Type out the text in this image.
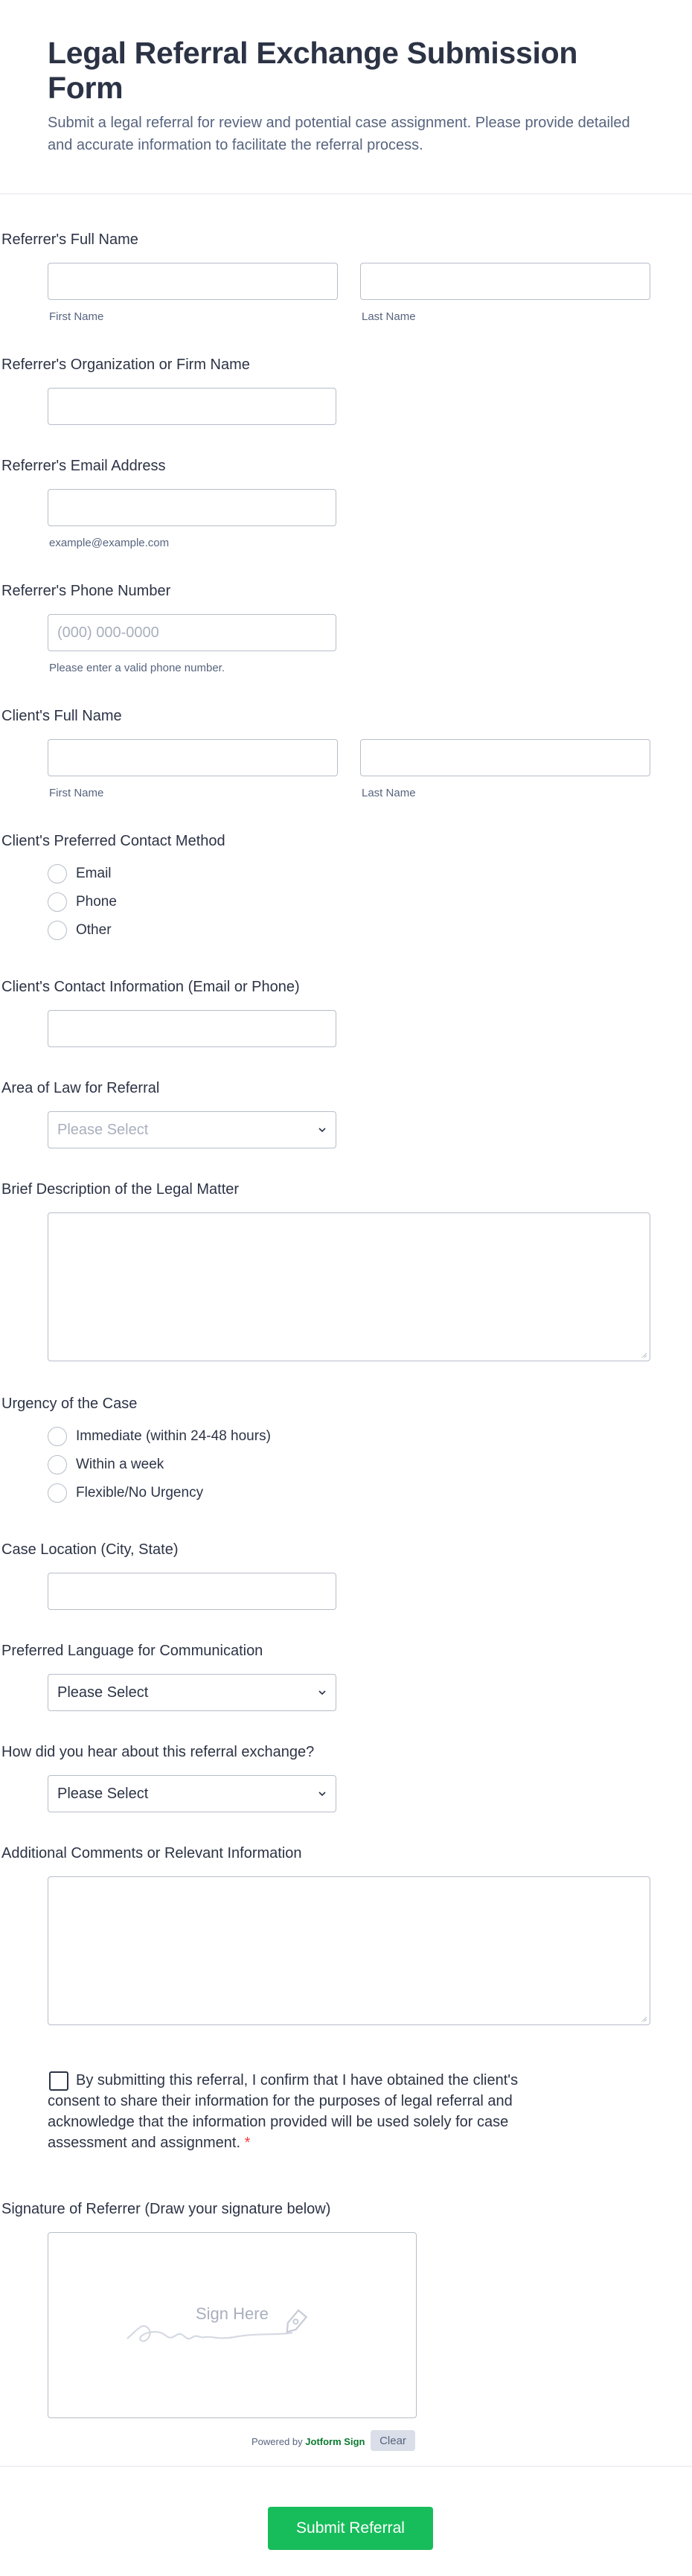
Legal Referral Exchange Submission Form

Submit a legal referral for review and potential case assignment. Please provide detailed and accurate information to facilitate the referral process.

Referrer's Full Name
First Name	Last Name
Referrer's Organization or Firm Name
Referrer's Email Address
example@example.com
Referrer's Phone Number
(000) 000-0000
Please enter a valid phone number.
Client's Full Name
First Name	Last Name
Client's Preferred Contact Method
Email
Phone
Other
Client's Contact Information (Email or Phone)
Area of Law for Referral
Please Select
Brief Description of the Legal Matter
Urgency of the Case
Immediate (within 24-48 hours)
Within a week
Flexible/No Urgency
Case Location (City, State)
Preferred Language for Communication
Please Select
How did you hear about this referral exchange?
Please Select
Additional Comments or Relevant Information
By submitting this referral, I confirm that I have obtained the client's consent to share their information for the purposes of legal referral and acknowledge that the information provided will be used solely for case assessment and assignment. *
Signature of Referrer (Draw your signature below)
Sign Here
Powered by Jotform Sign	Clear
Submit Referral
